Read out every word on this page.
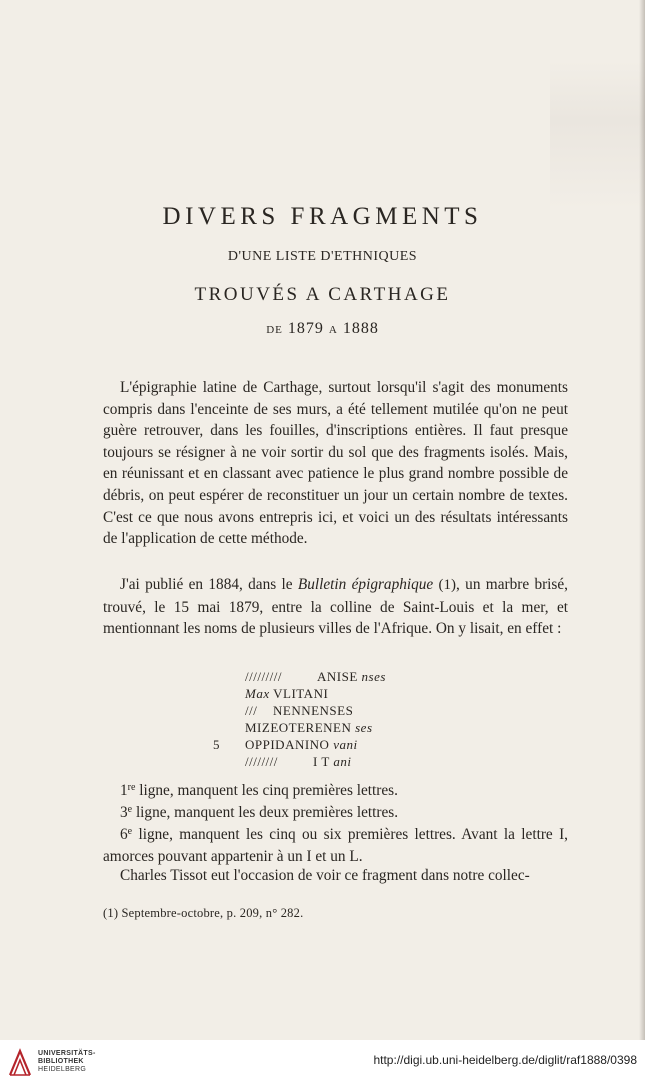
DIVERS FRAGMENTS
D'UNE LISTE D'ETHNIQUES
TROUVÉS A CARTHAGE
DE 1879 A 1888

L'épigraphie latine de Carthage, surtout lorsqu'il s'agit des monuments compris dans l'enceinte de ses murs, a été tellement mutilée qu'on ne peut guère retrouver, dans les fouilles, d'inscriptions entières. Il faut presque toujours se résigner à ne voir sortir du sol que des fragments isolés. Mais, en réunissant et en classant avec patience le plus grand nombre possible de débris, on peut espérer de reconstituer un jour un certain nombre de textes. C'est ce que nous avons entrepris ici, et voici un des résultats intéressants de l'application de cette méthode.

J'ai publié en 1884, dans le Bulletin épigraphique (1), un marbre brisé, trouvé, le 15 mai 1879, entre la colline de Saint-Louis et la mer, et mentionnant les noms de plusieurs villes de l'Afrique. On y lisait, en effet :

/////////	ANISE nses
Max VLITANI
/// NENNENSES
MIZEOTERENEN ses
5 OPPIDANINO vani
////////	I T ani

1re ligne, manquent les cinq premières lettres.

3e ligne, manquent les deux premières lettres.

6e ligne, manquent les cinq ou six premières lettres. Avant la lettre I, amorces pouvant appartenir à un I et un L.

Charles Tissot eut l'occasion de voir ce fragment dans notre collec-

(1) Septembre-octobre, p. 209, n° 282.
UNIVERSITÄTS-
BIBLIOTHEK
HEIDELBERG
http://digi.ub.uni-heidelberg.de/diglit/raf1888/0398
